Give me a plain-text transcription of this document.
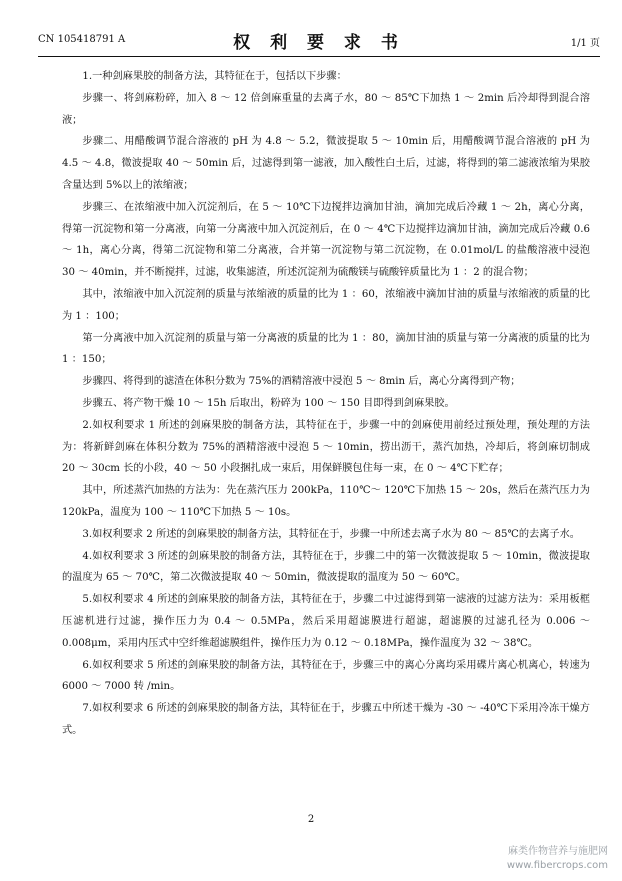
CN 105418791 A	权 利 要 求 书	1/1 页

1.一种剑麻果胶的制备方法，其特征在于，包括以下步骤：

步骤一、将剑麻粉碎，加入 8 ～ 12 倍剑麻重量的去离子水，80 ～ 85℃下加热 1 ～ 2min 后冷却得到混合溶液；

步骤二、用醋酸调节混合溶液的 pH 为 4.8 ～ 5.2，微波提取 5 ～ 10min 后，用醋酸调节混合溶液的 pH 为 4.5 ～ 4.8，微波提取 40 ～ 50min 后，过滤得到第一滤液，加入酸性白土后，过滤，将得到的第二滤液浓缩为果胶含量达到 5%以上的浓缩液；

步骤三、在浓缩液中加入沉淀剂后，在 5 ～ 10℃下边搅拌边滴加甘油，滴加完成后冷藏 1 ～ 2h，离心分离，得第一沉淀物和第一分离液，向第一分离液中加入沉淀剂后，在 0 ～ 4℃下边搅拌边滴加甘油，滴加完成后冷藏 0.6 ～ 1h，离心分离，得第二沉淀物和第二分离液，合并第一沉淀物与第二沉淀物，在 0.01mol/L 的盐酸溶液中浸泡 30 ～ 40min，并不断搅拌，过滤，收集滤渣，所述沉淀剂为硫酸镁与硫酸锌质量比为 1 ：2 的混合物；

其中，浓缩液中加入沉淀剂的质量与浓缩液的质量的比为 1 ：60，浓缩液中滴加甘油的质量与浓缩液的质量的比为 1 ：100；

第一分离液中加入沉淀剂的质量与第一分离液的质量的比为 1 ：80，滴加甘油的质量与第一分离液的质量的比为 1 ：150；

步骤四、将得到的滤渣在体积分数为 75%的酒精溶液中浸泡 5 ～ 8min 后，离心分离得到产物；

步骤五、将产物干燥 10 ～ 15h 后取出，粉碎为 100 ～ 150 目即得到剑麻果胶。

2.如权利要求 1 所述的剑麻果胶的制备方法，其特征在于，步骤一中的剑麻使用前经过预处理，预处理的方法为：将新鲜剑麻在体积分数为 75%的酒精溶液中浸泡 5 ～ 10min，捞出沥干，蒸汽加热，冷却后，将剑麻切制成 20 ～ 30cm 长的小段，40 ～ 50 小段捆扎成一束后，用保鲜膜包住每一束，在 0 ～ 4℃下贮存；

其中，所述蒸汽加热的方法为：先在蒸汽压力 200kPa，110℃～ 120℃下加热 15 ～ 20s，然后在蒸汽压力为 120kPa，温度为 100 ～ 110℃下加热 5 ～ 10s。

3.如权利要求 2 所述的剑麻果胶的制备方法，其特征在于，步骤一中所述去离子水为 80 ～ 85℃的去离子水。

4.如权利要求 3 所述的剑麻果胶的制备方法，其特征在于，步骤二中的第一次微波提取 5 ～ 10min，微波提取的温度为 65 ～ 70℃，第二次微波提取 40 ～ 50min，微波提取的温度为 50 ～ 60℃。

5.如权利要求 4 所述的剑麻果胶的制备方法，其特征在于，步骤二中过滤得到第一滤液的过滤方法为：采用板框压滤机进行过滤，操作压力为 0.4 ～ 0.5MPa，然后采用超滤膜进行超滤，超滤膜的过滤孔径为 0.006 ～ 0.008μm，采用内压式中空纤维超滤膜组件，操作压力为 0.12 ～ 0.18MPa，操作温度为 32 ～ 38℃。

6.如权利要求 5 所述的剑麻果胶的制备方法，其特征在于，步骤三中的离心分离均采用碟片离心机离心，转速为 6000 ～ 7000 转 /min。

7.如权利要求 6 所述的剑麻果胶的制备方法，其特征在于，步骤五中所述干燥为 -30 ～ -40℃下采用冷冻干燥方式。

2
麻类作物营养与施肥网
www.fibercrops.com
